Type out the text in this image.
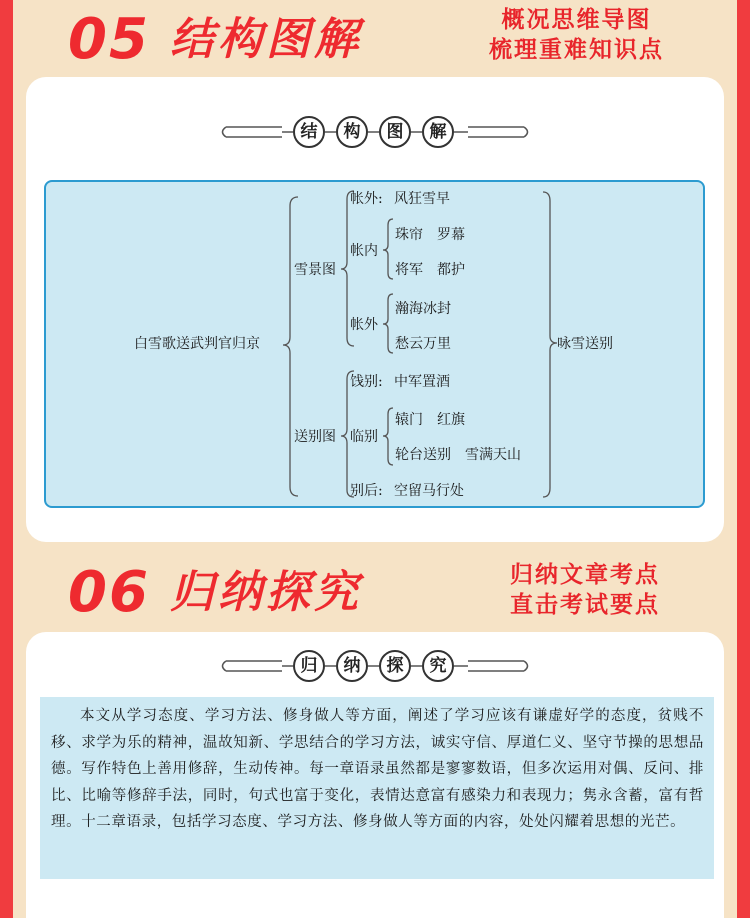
05 结构图解	概况思维导图
梳理重难知识点
结	构	图	解
白雪歌送武判官归京
雪景图
帐外: 风狂雪早
帐内
珠帘　罗幕
将军　都护
帐外
瀚海冰封
愁云万里
送别图
饯别: 中军置酒
临别
辕门　红旗
轮台送别　雪满天山
别后: 空留马行处
咏雪送别
06 归纳探究	归纳文章考点
直击考试要点
归	纳	探	究

本文从学习态度、学习方法、修身做人等方面，阐述了学习应该有谦虚好学的态度，贫贱不移、求学为乐的精神，温故知新、学思结合的学习方法，诚实守信、厚道仁义、坚守节操的思想品德。写作特色上善用修辞，生动传神。每一章语录虽然都是寥寥数语，但多次运用对偶、反问、排比、比喻等修辞手法，同时，句式也富于变化，表情达意富有感染力和表现力；隽永含蓄，富有哲理。十二章语录，包括学习态度、学习方法、修身做人等方面的内容，处处闪耀着思想的光芒。
